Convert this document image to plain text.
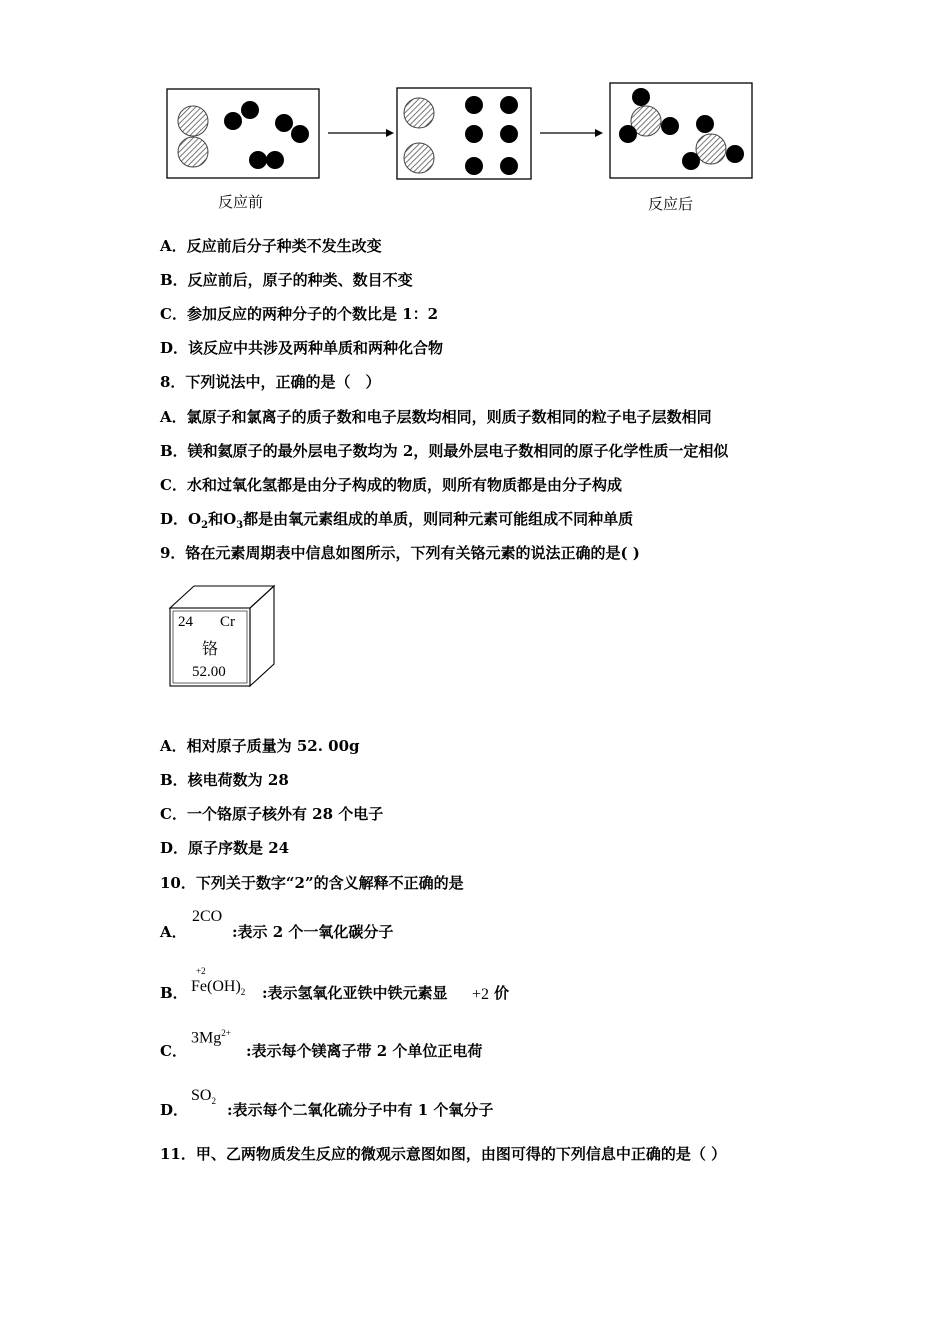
反应前	反应后
A．反应前后分子种类不发生改变
B．反应前后，原子的种类、数目不变
C．参加反应的两种分子的个数比是 1：2
D．该反应中共涉及两种单质和两种化合物
8．下列说法中，正确的是（　）
A．氯原子和氯离子的质子数和电子层数均相同，则质子数相同的粒子电子层数相同
B．镁和氦原子的最外层电子数均为 2，则最外层电子数相同的原子化学性质一定相似
C．水和过氧化氢都是由分子构成的物质，则所有物质都是由分子构成
D．$O_2$和$O_3$都是由氧元素组成的单质，则同种元素可能组成不同种单质
9．铬在元素周期表中信息如图所示，下列有关铬元素的说法正确的是( )
24 Cr
铬
52.00
A．相对原子质量为 52. 00g
B．核电荷数为 28
C．一个铬原子核外有 28 个电子
D．原子序数是 24
10．下列关于数字“2”的含义解释不正确的是
A．
2CO
:表示 2 个一氧化碳分子
B．
+2
$Fe(OH)_2$ :表示氢氧化亚铁中铁元素显 +2 价
C．
$3Mg^{2+}$
:表示每个镁离子带 2 个单位正电荷
D．
$SO_2$ :表示每个二氧化硫分子中有 1 个氧分子
11．甲、乙两物质发生反应的微观示意图如图，由图可得的下列信息中正确的是（ ）
